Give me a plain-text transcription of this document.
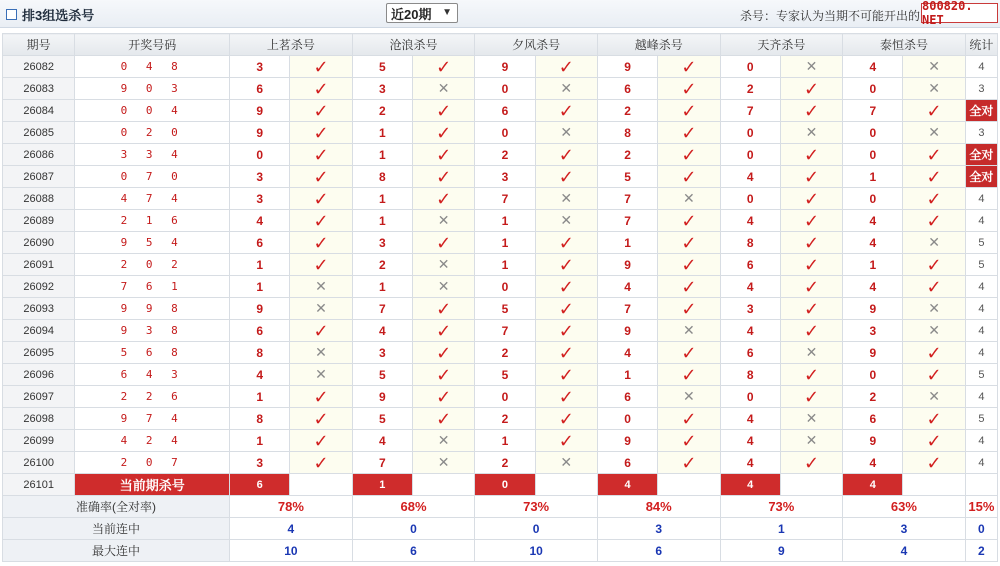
排3组选杀号	近20期 ▼	杀号：专家认为当期不可能开出的
800820. NET
期号	开奖号码	上茗杀号		沧浪杀号		夕风杀号		越峰杀号		天齐杀号		泰恒杀号		统计
26082	0 4 8	3	✓	5	✓	9	✓	9	✓	0	✕	4	✕	4
26083	9 0 3	6	✓	3	✕	0	✕	6	✓	2	✓	0	✕	3
26084	0 0 4	9	✓	2	✓	6	✓	2	✓	7	✓	7	✓	全对
26085	0 2 0	9	✓	1	✓	0	✕	8	✓	0	✕	0	✕	3
26086	3 3 4	0	✓	1	✓	2	✓	2	✓	0	✓	0	✓	全对
26087	0 7 0	3	✓	8	✓	3	✓	5	✓	4	✓	1	✓	全对
26088	4 7 4	3	✓	1	✓	7	✕	7	✕	0	✓	0	✓	4
26089	2 1 6	4	✓	1	✕	1	✕	7	✓	4	✓	4	✓	4
26090	9 5 4	6	✓	3	✓	1	✓	1	✓	8	✓	4	✕	5
26091	2 0 2	1	✓	2	✕	1	✓	9	✓	6	✓	1	✓	5
26092	7 6 1	1	✕	1	✕	0	✓	4	✓	4	✓	4	✓	4
26093	9 9 8	9	✕	7	✓	5	✓	7	✓	3	✓	9	✕	4
26094	9 3 8	6	✓	4	✓	7	✓	9	✕	4	✓	3	✕	4
26095	5 6 8	8	✕	3	✓	2	✓	4	✓	6	✕	9	✓	4
26096	6 4 3	4	✕	5	✓	5	✓	1	✓	8	✓	0	✓	5
26097	2 2 6	1	✓	9	✓	0	✓	6	✕	0	✓	2	✕	4
26098	9 7 4	8	✓	5	✓	2	✓	0	✓	4	✕	6	✓	5
26099	4 2 4	1	✓	4	✕	1	✓	9	✓	4	✕	9	✓	4
26100	2 0 7	3	✓	7	✕	2	✕	6	✓	4	✓	4	✓	4
26101	当前期杀号	6		1		0		4		4		4		
准确率(全对率)		78%		68%		73%		84%		73%		63%		15%
当前连中		4		0		0		3		1		3		0
最大连中		10		6		10		6		9		4		2
